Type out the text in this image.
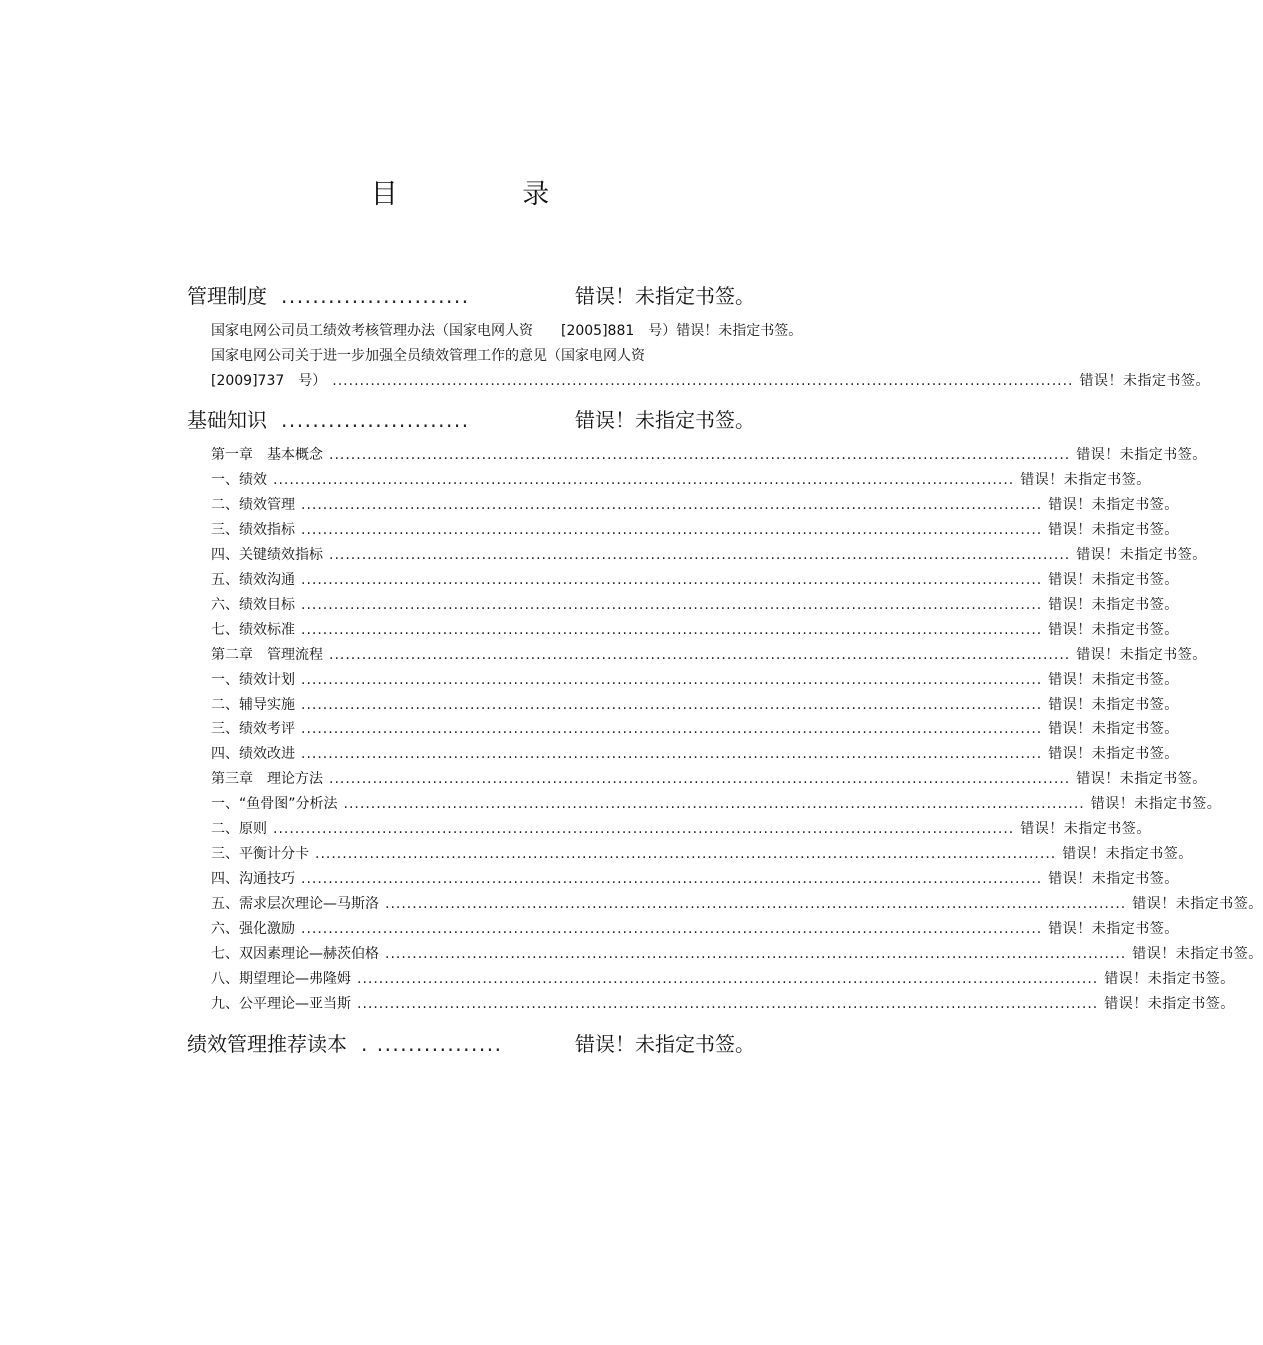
目 录
管理制度 ........................	错误！未指定书签。
国家电网公司员工绩效考核管理办法（国家电网人资　　[2005]881　号）错误！未指定书签。
国家电网公司关于进一步加强全员绩效管理工作的意见（国家电网人资
[2009]737　号） ........................................................................................................................................ 错误！未指定书签。
基础知识 ........................	错误！未指定书签。
第一章　基本概念 ........................................................................................................................................ 错误！未指定书签。
一、绩效 ........................................................................................................................................ 错误！未指定书签。
二、绩效管理 ........................................................................................................................................ 错误！未指定书签。
三、绩效指标 ........................................................................................................................................ 错误！未指定书签。
四、关键绩效指标 ........................................................................................................................................ 错误！未指定书签。
五、绩效沟通 ........................................................................................................................................ 错误！未指定书签。
六、绩效目标 ........................................................................................................................................ 错误！未指定书签。
七、绩效标准 ........................................................................................................................................ 错误！未指定书签。
第二章　管理流程 ........................................................................................................................................ 错误！未指定书签。
一、绩效计划 ........................................................................................................................................ 错误！未指定书签。
二、辅导实施 ........................................................................................................................................ 错误！未指定书签。
三、绩效考评 ........................................................................................................................................ 错误！未指定书签。
四、绩效改进 ........................................................................................................................................ 错误！未指定书签。
第三章　理论方法 ........................................................................................................................................ 错误！未指定书签。
一、“鱼骨图”分析法 ........................................................................................................................................ 错误！未指定书签。
二、原则 ........................................................................................................................................ 错误！未指定书签。
三、平衡计分卡 ........................................................................................................................................ 错误！未指定书签。
四、沟通技巧 ........................................................................................................................................ 错误！未指定书签。
五、需求层次理论—马斯洛 ........................................................................................................................................ 错误！未指定书签。
六、强化激励 ........................................................................................................................................ 错误！未指定书签。
七、双因素理论—赫茨伯格 ........................................................................................................................................ 错误！未指定书签。
八、期望理论—弗隆姆 ........................................................................................................................................ 错误！未指定书签。
九、公平理论—亚当斯 ........................................................................................................................................ 错误！未指定书签。
绩效管理推荐读本 . ................	错误！未指定书签。
